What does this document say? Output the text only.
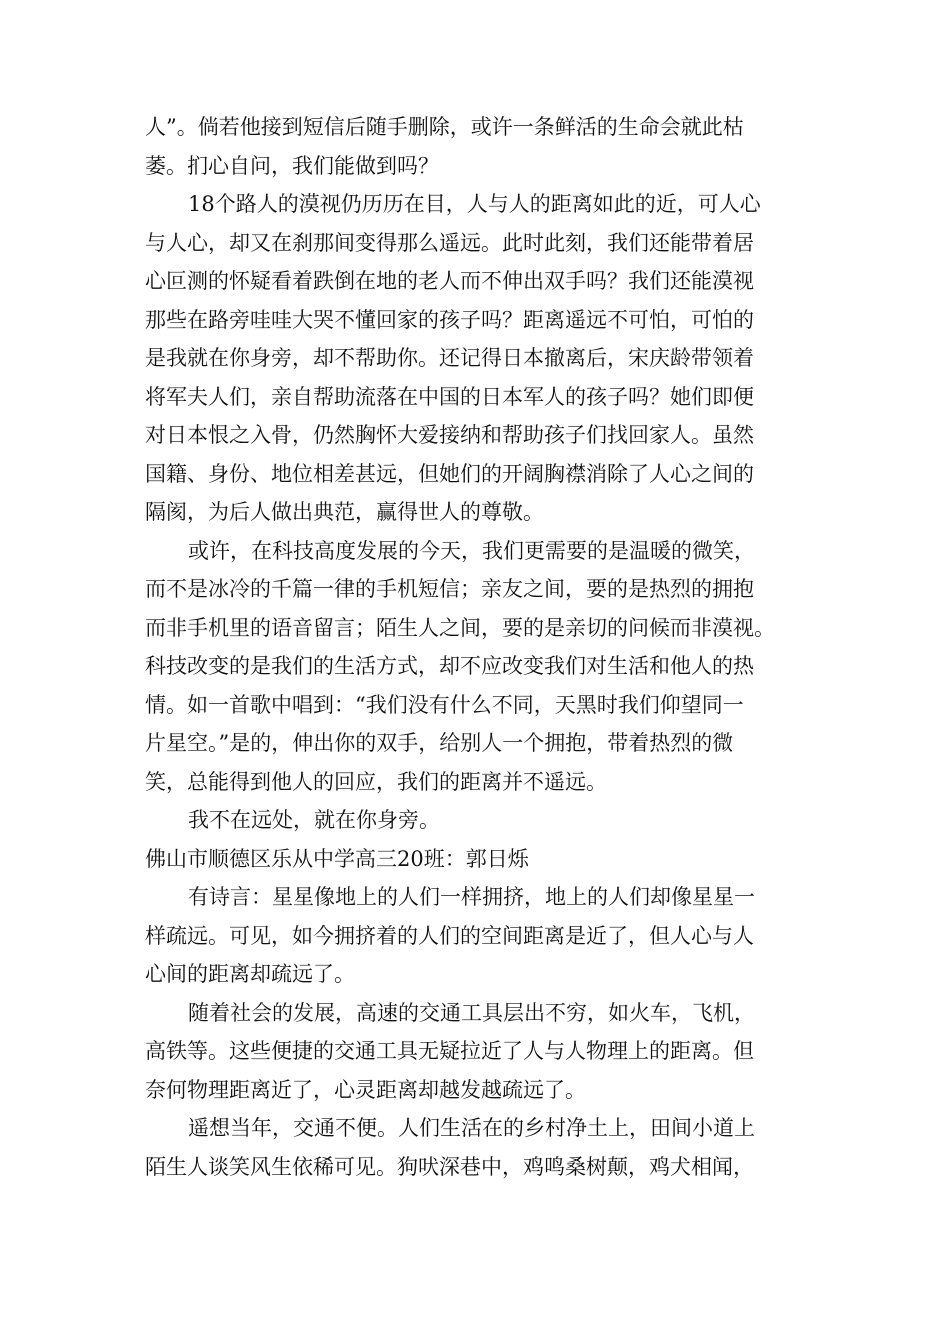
人”。倘若他接到短信后随手删除，或许一条鲜活的生命会就此枯
萎。扪心自问，我们能做到吗？
18个路人的漠视仍历历在目，人与人的距离如此的近，可人心
与人心，却又在刹那间变得那么遥远。此时此刻，我们还能带着居
心叵测的怀疑看着跌倒在地的老人而不伸出双手吗？我们还能漠视
那些在路旁哇哇大哭不懂回家的孩子吗？距离遥远不可怕，可怕的
是我就在你身旁，却不帮助你。还记得日本撤离后，宋庆龄带领着
将军夫人们，亲自帮助流落在中国的日本军人的孩子吗？她们即便
对日本恨之入骨，仍然胸怀大爱接纳和帮助孩子们找回家人。虽然
国籍、身份、地位相差甚远，但她们的开阔胸襟消除了人心之间的
隔阂，为后人做出典范，赢得世人的尊敬。
或许，在科技高度发展的今天，我们更需要的是温暖的微笑，
而不是冰冷的千篇一律的手机短信；亲友之间，要的是热烈的拥抱
而非手机里的语音留言；陌生人之间，要的是亲切的问候而非漠视。
科技改变的是我们的生活方式，却不应改变我们对生活和他人的热
情。如一首歌中唱到：“我们没有什么不同，天黑时我们仰望同一
片星空。”是的，伸出你的双手，给别人一个拥抱，带着热烈的微
笑，总能得到他人的回应，我们的距离并不遥远。
我不在远处，就在你身旁。
佛山市顺德区乐从中学高三20班：郭日烁
有诗言：星星像地上的人们一样拥挤，地上的人们却像星星一
样疏远。可见，如今拥挤着的人们的空间距离是近了，但人心与人
心间的距离却疏远了。
随着社会的发展，高速的交通工具层出不穷，如火车，飞机，
高铁等。这些便捷的交通工具无疑拉近了人与人物理上的距离。但
奈何物理距离近了，心灵距离却越发越疏远了。
遥想当年，交通不便。人们生活在的乡村净土上，田间小道上
陌生人谈笑风生依稀可见。狗吠深巷中，鸡鸣桑树颠，鸡犬相闻，
